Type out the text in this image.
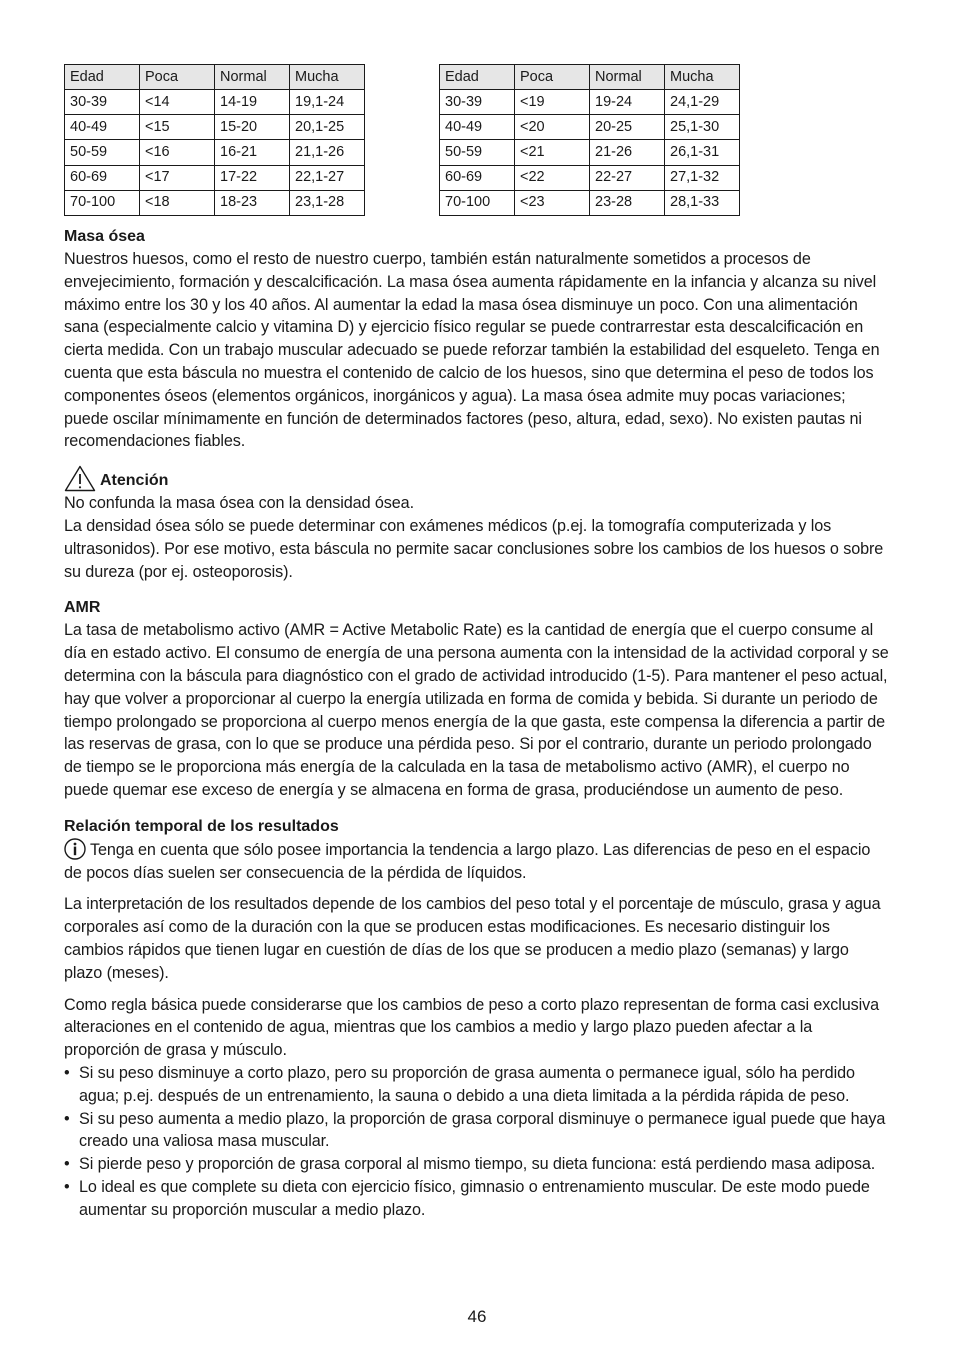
Edad	Poca	Normal	Mucha
30-39	<14	14-19	19,1-24
40-49	<15	15-20	20,1-25
50-59	<16	16-21	21,1-26
60-69	<17	17-22	22,1-27
70-100	<18	18-23	23,1-28
Edad	Poca	Normal	Mucha
30-39	<19	19-24	24,1-29
40-49	<20	20-25	25,1-30
50-59	<21	21-26	26,1-31
60-69	<22	22-27	27,1-32
70-100	<23	23-28	28,1-33
Masa ósea

Nuestros huesos, como el resto de nuestro cuerpo, también están naturalmente sometidos a procesos de envejecimiento, formación y descalcificación. La masa ósea aumenta rápidamente en la infancia y alcanza su nivel máximo entre los 30 y los 40 años. Al aumentar la edad la masa ósea disminuye un poco. Con una alimentación sana (especialmente calcio y vitamina D) y ejercicio físico regular se puede contrarrestar esta descalcificación en cierta medida. Con un trabajo muscular adecuado se puede reforzar también la estabilidad del esqueleto. Tenga en cuenta que esta báscula no muestra el contenido de calcio de los huesos, sino que determina el peso de todos los componentes óseos (elementos orgánicos, inorgánicos y agua). La masa ósea admite muy pocas variaciones; puede oscilar mínimamente en función de determinados factores (peso, altura, edad, sexo). No existen pautas ni recomendaciones fiables.

Atención

No confunda la masa ósea con la densidad ósea.

La densidad ósea sólo se puede determinar con exámenes médicos (p.ej. la tomografía computerizada y los ultrasonidos). Por ese motivo, esta báscula no permite sacar conclusiones sobre los cambios de los huesos o sobre su dureza (por ej. osteoporosis).

AMR

La tasa de metabolismo activo (AMR = Active Metabolic Rate) es la cantidad de energía que el cuerpo consume al día en estado activo. El consumo de energía de una persona aumenta con la intensidad de la actividad corporal y se determina con la báscula para diagnóstico con el grado de actividad introducido (1-5). Para mantener el peso actual, hay que volver a proporcionar al cuerpo la energía utilizada en forma de comida y bebida. Si durante un periodo de tiempo prolongado se proporciona al cuerpo menos energía de la que gasta, este compensa la diferencia a partir de las reservas de grasa, con lo que se produce una pérdida peso. Si por el contrario, durante un periodo prolongado de tiempo se le proporciona más energía de la calculada en la tasa de metabolismo activo (AMR), el cuerpo no puede quemar ese exceso de energía y se almacena en forma de grasa, produciéndose un aumento de peso.

Relación temporal de los resultados

Tenga en cuenta que sólo posee importancia la tendencia a largo plazo. Las diferencias de peso en el espacio de pocos días suelen ser consecuencia de la pérdida de líquidos.

La interpretación de los resultados depende de los cambios del peso total y el porcentaje de músculo, grasa y agua corporales así como de la duración con la que se producen estas modificaciones. Es necesario distinguir los cambios rápidos que tienen lugar en cuestión de días de los que se producen a medio plazo (semanas) y largo plazo (meses).

Como regla básica puede considerarse que los cambios de peso a corto plazo representan de forma casi exclusiva alteraciones en el contenido de agua, mientras que los cambios a medio y largo plazo pueden afectar a la proporción de grasa y músculo.

• Si su peso disminuye a corto plazo, pero su proporción de grasa aumenta o permanece igual, sólo ha perdido agua; p.ej. después de un entrenamiento, la sauna o debido a una dieta limitada a la pérdida rápida de peso.
• Si su peso aumenta a medio plazo, la proporción de grasa corporal disminuye o permanece igual puede que haya creado una valiosa masa muscular.
• Si pierde peso y proporción de grasa corporal al mismo tiempo, su dieta funciona: está perdiendo masa adiposa.
• Lo ideal es que complete su dieta con ejercicio físico, gimnasio o entrenamiento muscular. De este modo puede aumentar su proporción muscular a medio plazo.
46
